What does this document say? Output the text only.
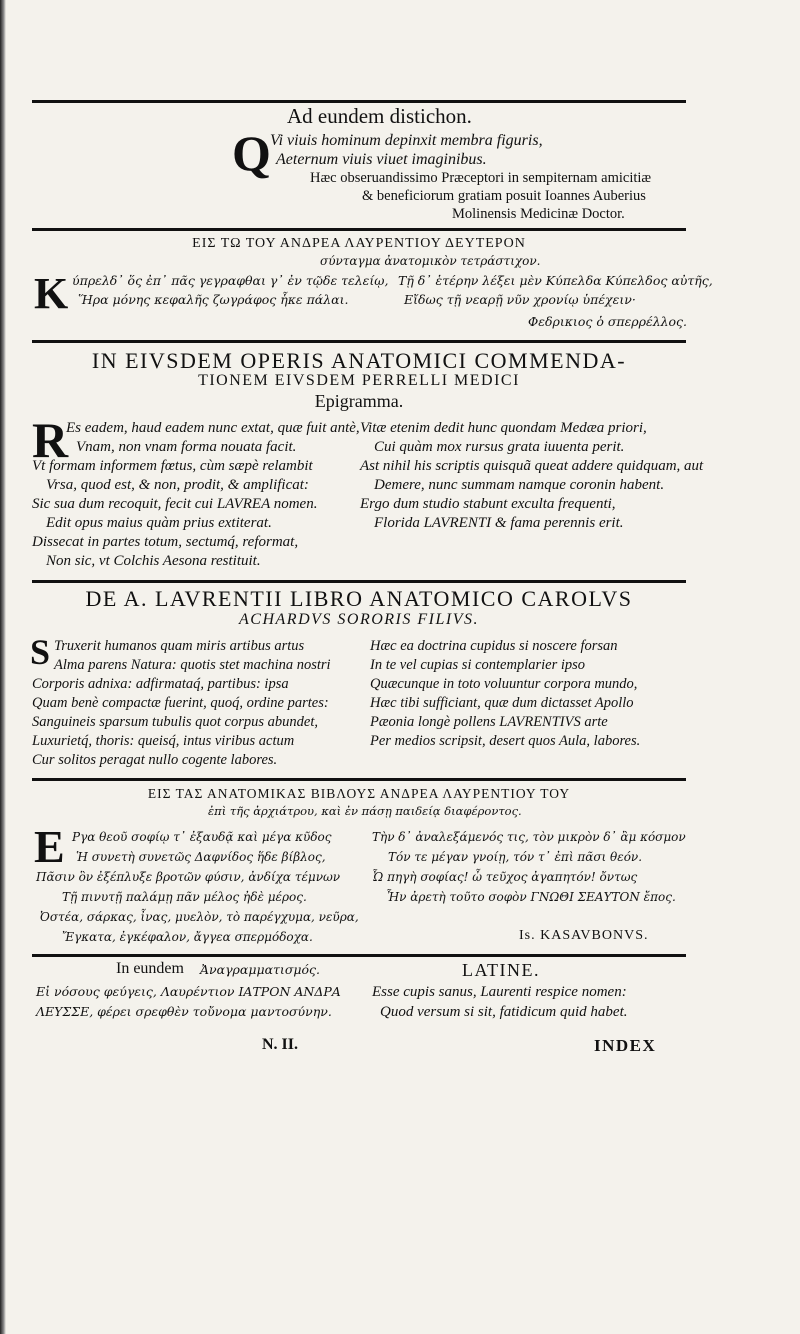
Ad eundem distichon.
Q Vi viuis hominum depinxit membra figuris,
Aeternum viuis viuet imaginibus.
Hæc obseruandissimo Præceptori in sempiternam amicitiæ
& beneficiorum gratiam posuit Ioannes Auberius
Molinensis Medicinæ Doctor.
ΕΙΣ ΤΩ ΤΟΥ ΑΝΔΡΕΑ ΛΑΥΡΕΝΤΙΟΥ ΔΕΥΤΕΡΟΝ
σύνταγμα ἀνατομικὸν τετράστιχον.
Κ ύπρελδ᾽ ὅς ἐπ᾽ πᾶς γεγραφθαι γ᾽ ἐν τῷδε τελείῳ,
Ἥρα μόνης κεφαλῆς ζωγράφος ἧκε πάλαι.
Τῇ δ᾽ ἑτέρην λέξει μὲν Κύπελδα Κύπελδος αὐτῆς,
Εἴδως τῇ νεαρῇ νῦν χρονίῳ ὑπέχειν·
Φεδρικιος ὁ σπερρέλλος.
IN EIVSDEM OPERIS ANATOMICI COMMENDA-
TIONEM EIVSDEM PERRELLI MEDICI
Epigramma.
R
Es eadem, haud eadem nunc extat, quæ fuit antè,
Vnam, non vnam forma nouata facit.
Vt formam informem fœtus, cùm sæpè relambit
Vrsa, quod est, & non, prodit, & amplificat:
Sic sua dum recoquit, fecit cui LAVREA nomen.
Edit opus maius quàm prius extiterat.
Dissecat in partes totum, sectumq́, reformat,
Non sic, vt Colchis Aesona restituit.
Vitæ etenim dedit hunc quondam Medæa priori,
Cui quàm mox rursus grata iuuenta perit.
Ast nihil his scriptis quisquã queat addere quidquam, aut
Demere, nunc summam namque coronin habent.
Ergo dum studio stabunt exculta frequenti,
Florida LAVRENTI & fama perennis erit.
DE A. LAVRENTII LIBRO ANATOMICO CAROLVS
ACHARDVS SORORIS FILIVS.
S Truxerit humanos quam miris artibus artus
Alma parens Natura: quotis stet machina nostri
Corporis adnixa: adfirmataq́, partibus: ipsa
Quam benè compactæ fuerint, quoq́, ordine partes:
Sanguineis sparsum tubulis quot corpus abundet,
Luxurietq́, thoris: queisq́, intus viribus actum
Cur solitos peragat nullo cogente labores.
Hæc ea doctrina cupidus si noscere forsan
In te vel cupias si contemplarier ipso
Quæcunque in toto voluuntur corpora mundo,
Hæc tibi sufficiant, quæ dum dictasset Apollo
Pæonia longè pollens LAVRENTIVS arte
Per medios scripsit, desert quos Aula, labores.
ΕΙΣ ΤΑΣ ΑΝΑΤΟΜΙΚΑΣ ΒΙΒΛΟΥΣ ΑΝΔΡΕΑ ΛΑΥΡΕΝΤΙΟΥ ΤΟΥ
ἐπὶ τῆς ἀρχιάτρου, καὶ ἐν πάσῃ παιδείᾳ διαφέροντος.
Ε Ργα θεοῦ σοφίῳ τ᾽ ἐξαυδᾷ καὶ μέγα κῦδος
Ἡ συνετὴ συνετῶς Δαφνίδος ἥδε βίβλος,
Πᾶσιν ὃν ἐξέπλυξε βροτῶν φύσιν, ἀνδίχα τέμνων
Τῇ πινυτῇ παλάμῃ πᾶν μέλος ἠδὲ μέρος.
Ὀστέα, σάρκας, ἶνας, μυελὸν, τὸ παρέγχυμα, νεῦρα,
Ἔγκατα, ἐγκέφαλον, ἄγγεα σπερμόδοχα.
Τὴν δ᾽ ἀναλεξάμενός τις, τὸν μικρὸν δ᾽ ἂμ κόσμον
Τόν τε μέγαν γνοίῃ, τόν τ᾽ ἐπὶ πᾶσι θεόν.
Ὦ πηγὴ σοφίας! ὦ τεῦχος ἀγαπητόν! ὄντως
Ἦν ἀρετὴ τοῦτο σοφὸν ΓΝΩΘΙ ΣΕΑΥΤΟΝ ἔπος.
Is. KASAVBONVS.
In eundem Ἀναγραμματισμός.
Εἰ νόσους φεύγεις, Λαυρέντιον ΙΑΤΡΟΝ ΑΝΔΡΑ
ΛΕΥΣΣΕ, φέρει σρεφθὲν τοὔνομα μαντοσύνην.
LATINE.
Esse cupis sanus, Laurenti respice nomen:
Quod versum si sit, fatidicum quid habet.
N. II.	INDEX
